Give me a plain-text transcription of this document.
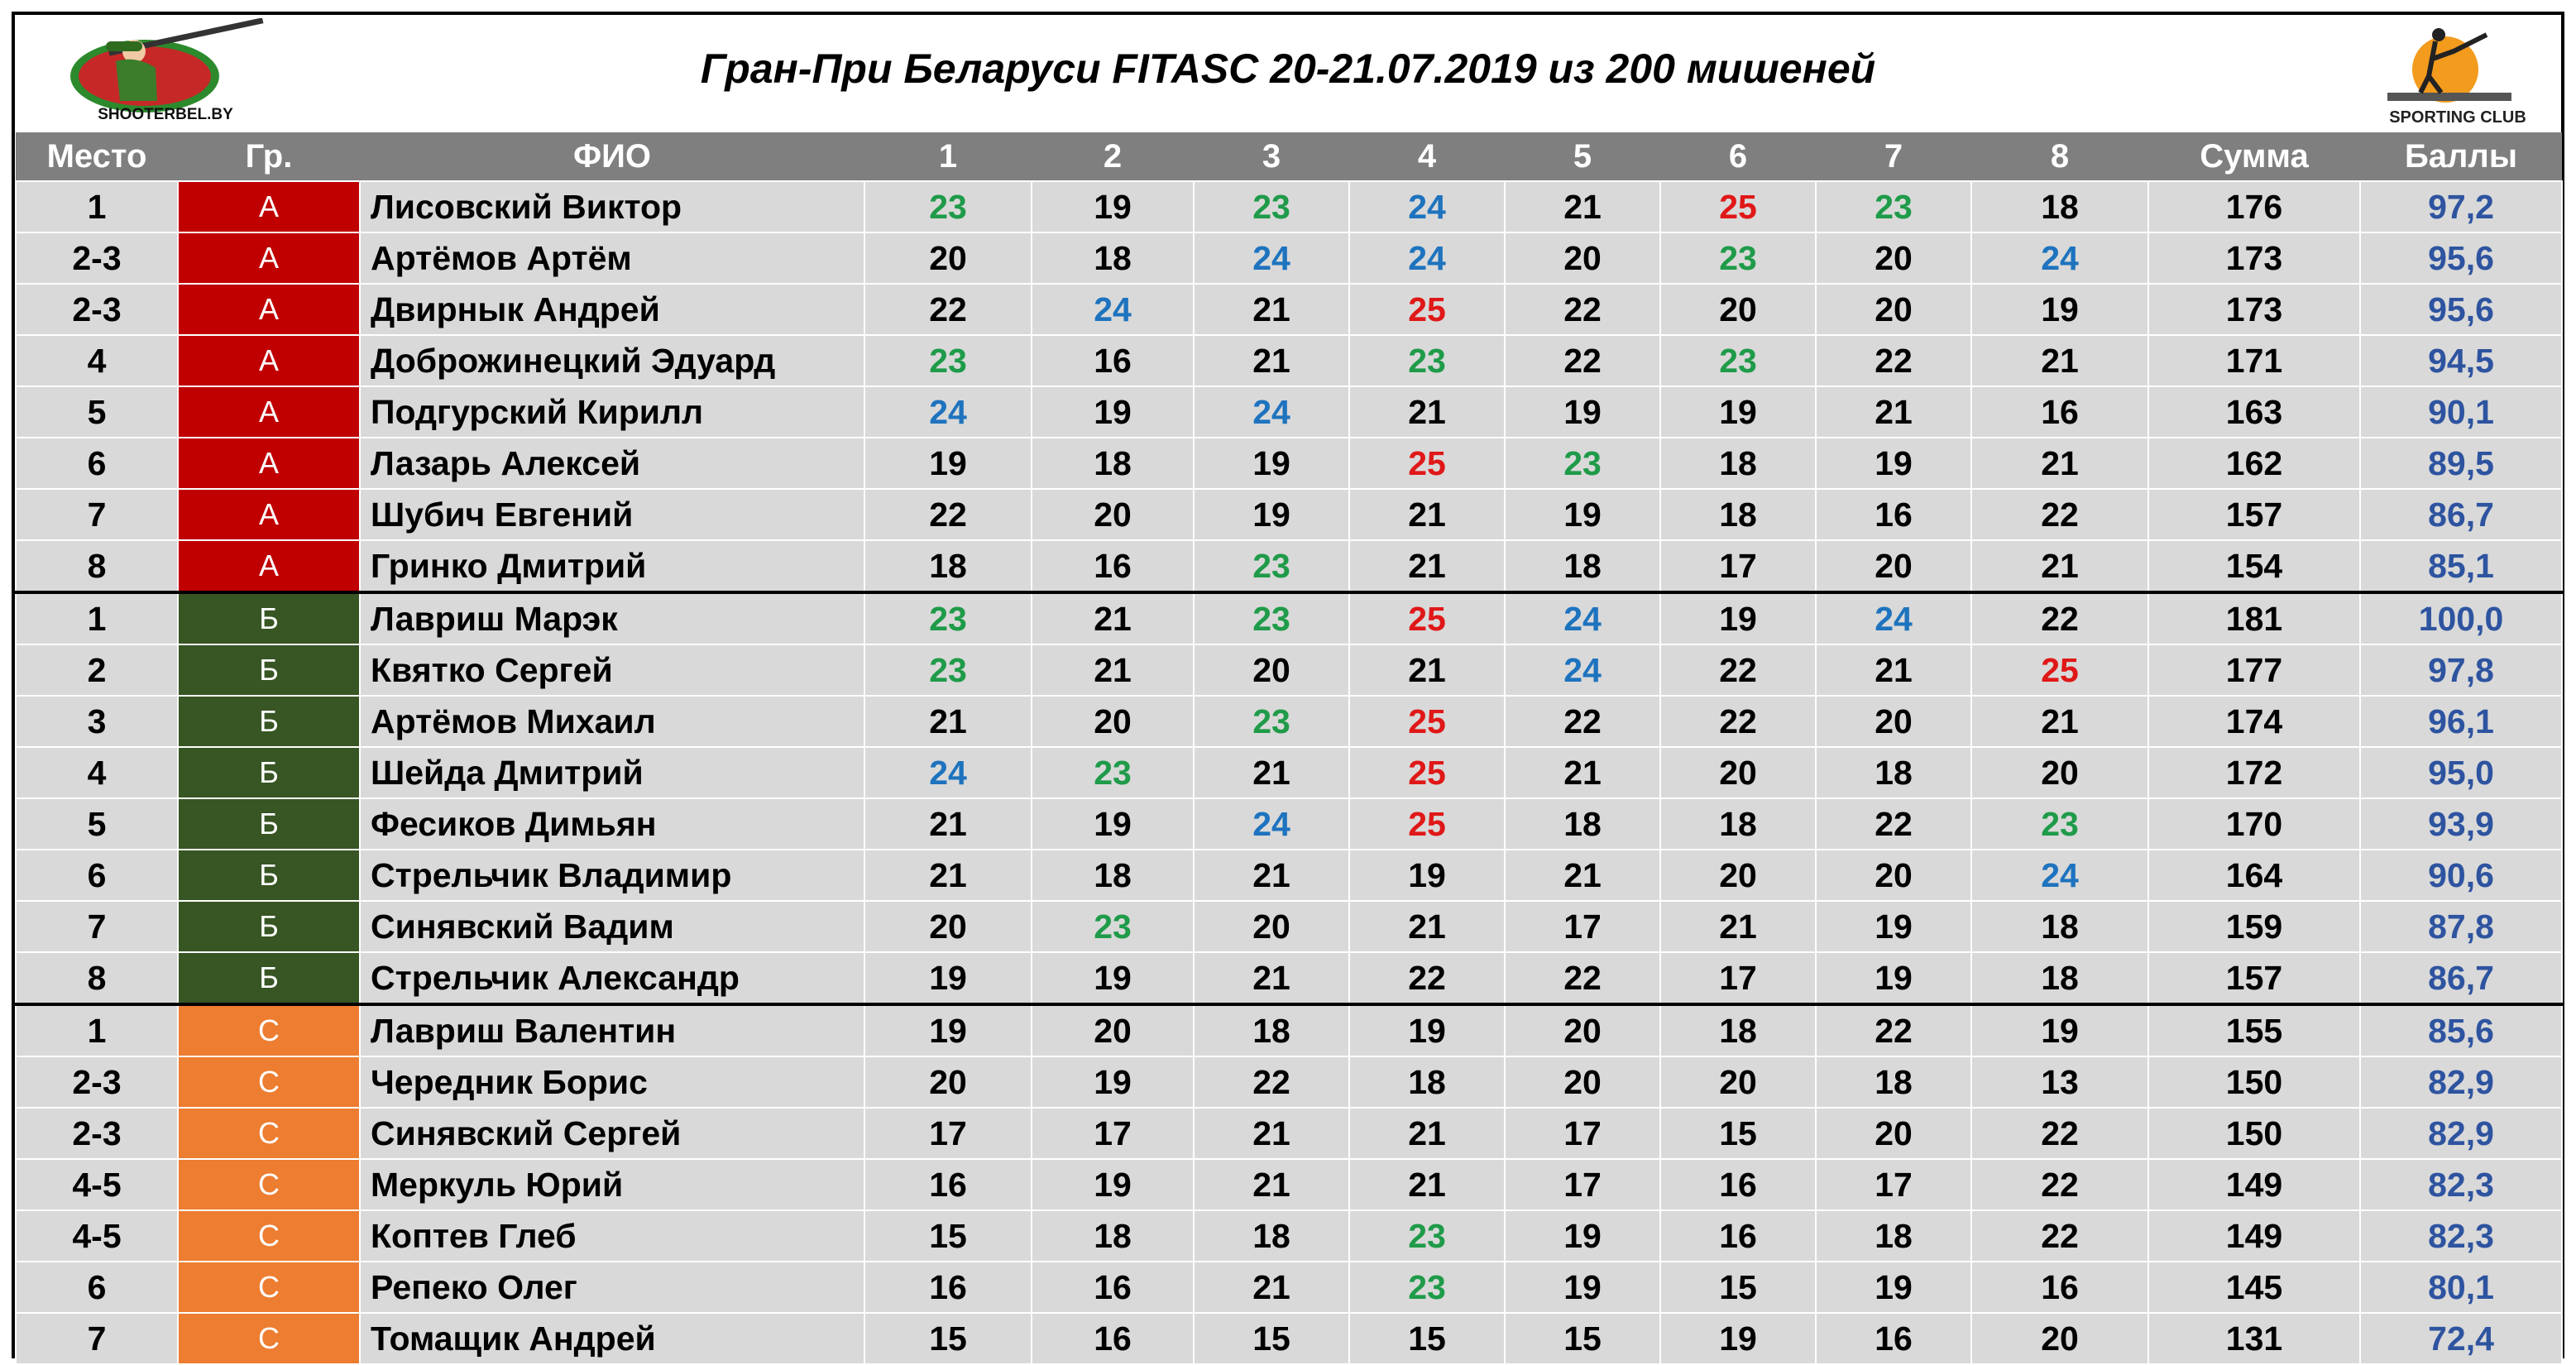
SHOOTERBEL.BY
Гран-При Беларуси FITASC 20-21.07.2019 из 200 мишеней
SPORTING CLUB
Место	Гр.	ФИО	1	2	3	4	5	6	7	8	Сумма	Баллы
1	А	Лисовский Виктор	23	19	23	24	21	25	23	18	176	97,2
2-3	А	Артёмов Артём	20	18	24	24	20	23	20	24	173	95,6
2-3	А	Двирнык Андрей	22	24	21	25	22	20	20	19	173	95,6
4	А	Доброжинецкий Эдуард	23	16	21	23	22	23	22	21	171	94,5
5	А	Подгурский Кирилл	24	19	24	21	19	19	21	16	163	90,1
6	А	Лазарь Алексей	19	18	19	25	23	18	19	21	162	89,5
7	А	Шубич Евгений	22	20	19	21	19	18	16	22	157	86,7
8	А	Гринко Дмитрий	18	16	23	21	18	17	20	21	154	85,1
1	Б	Лавриш Марэк	23	21	23	25	24	19	24	22	181	100,0
2	Б	Квятко Сергей	23	21	20	21	24	22	21	25	177	97,8
3	Б	Артёмов Михаил	21	20	23	25	22	22	20	21	174	96,1
4	Б	Шейда Дмитрий	24	23	21	25	21	20	18	20	172	95,0
5	Б	Фесиков Димьян	21	19	24	25	18	18	22	23	170	93,9
6	Б	Стрельчик Владимир	21	18	21	19	21	20	20	24	164	90,6
7	Б	Синявский Вадим	20	23	20	21	17	21	19	18	159	87,8
8	Б	Стрельчик Александр	19	19	21	22	22	17	19	18	157	86,7
1	С	Лавриш Валентин	19	20	18	19	20	18	22	19	155	85,6
2-3	С	Чередник Борис	20	19	22	18	20	20	18	13	150	82,9
2-3	С	Синявский Сергей	17	17	21	21	17	15	20	22	150	82,9
4-5	С	Меркуль Юрий	16	19	21	21	17	16	17	22	149	82,3
4-5	С	Коптев Глеб	15	18	18	23	19	16	18	22	149	82,3
6	С	Репеко Олег	16	16	21	23	19	15	19	16	145	80,1
7	С	Томащик Андрей	15	16	15	15	15	19	16	20	131	72,4
